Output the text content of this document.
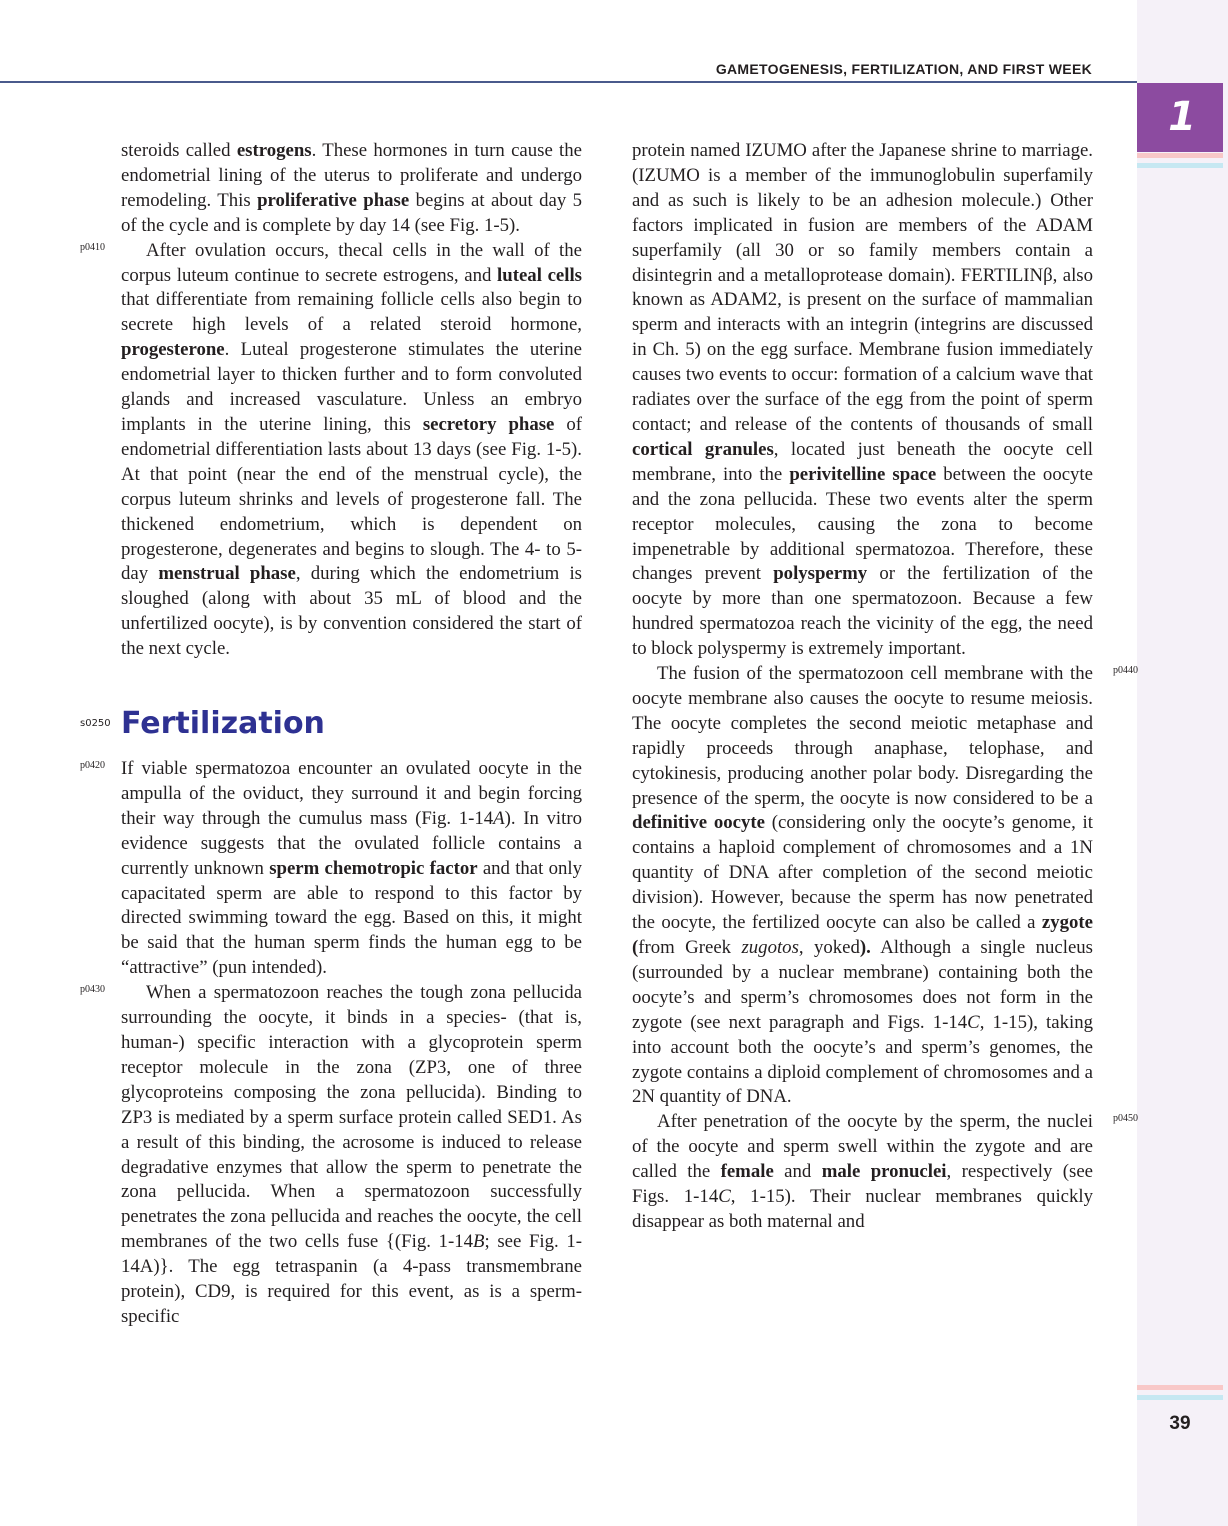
GAMETOGENESIS, FERTILIZATION, AND FIRST WEEK
1
39

steroids called estrogens. These hormones in turn cause the endometrial lining of the uterus to proliferate and undergo remodeling. This proliferative phase begins at about day 5 of the cycle and is complete by day 14 (see Fig. 1-5).

p0410 After ovulation occurs, thecal cells in the wall of the corpus luteum continue to secrete estrogens, and luteal cells that differentiate from remaining follicle cells also begin to secrete high levels of a related steroid hormone, progesterone. Luteal progesterone stimulates the uterine endometrial layer to thicken further and to form convoluted glands and increased vasculature. Unless an embryo implants in the uterine lining, this secretory phase of endometrial differentiation lasts about 13 days (see Fig. 1-5). At that point (near the end of the menstrual cycle), the corpus luteum shrinks and levels of progesterone fall. The thickened endometrium, which is dependent on progesterone, degenerates and begins to slough. The 4- to 5-day menstrual phase, during which the endometrium is sloughed (along with about 35 mL of blood and the unfertilized oocyte), is by convention considered the start of the next cycle.

s0250 Fertilization

p0420 If viable spermatozoa encounter an ovulated oocyte in the ampulla of the oviduct, they surround it and begin forcing their way through the cumulus mass (Fig. 1-14A). In vitro evidence suggests that the ovulated follicle contains a currently unknown sperm chemotropic factor and that only capacitated sperm are able to respond to this factor by directed swimming toward the egg. Based on this, it might be said that the human sperm finds the human egg to be “attractive” (pun intended).

p0430 When a spermatozoon reaches the tough zona pellucida surrounding the oocyte, it binds in a species- (that is, human-) specific interaction with a glycoprotein sperm receptor molecule in the zona (ZP3, one of three glycoproteins composing the zona pellucida). Binding to ZP3 is mediated by a sperm surface protein called SED1. As a result of this binding, the acrosome is induced to release degradative enzymes that allow the sperm to penetrate the zona pellucida. When a spermatozoon successfully penetrates the zona pellucida and reaches the oocyte, the cell membranes of the two cells fuse {(Fig. 1-14B; see Fig. 1-14A)}. The egg tetraspanin (a 4-pass transmembrane protein), CD9, is required for this event, as is a sperm-specific

protein named IZUMO after the Japanese shrine to marriage. (IZUMO is a member of the immunoglobulin superfamily and as such is likely to be an adhesion molecule.) Other factors implicated in fusion are members of the ADAM superfamily (all 30 or so family members contain a disintegrin and a metalloprotease domain). FERTILINβ, also known as ADAM2, is present on the surface of mammalian sperm and interacts with an integrin (integrins are discussed in Ch. 5) on the egg surface. Membrane fusion immediately causes two events to occur: formation of a calcium wave that radiates over the surface of the egg from the point of sperm contact; and release of the contents of thousands of small cortical granules, located just beneath the oocyte cell membrane, into the perivitelline space between the oocyte and the zona pellucida. These two events alter the sperm receptor molecules, causing the zona to become impenetrable by additional spermatozoa. Therefore, these changes prevent polyspermy or the fertilization of the oocyte by more than one spermatozoon. Because a few hundred spermatozoa reach the vicinity of the egg, the need to block polyspermy is extremely important.

p0440
The fusion of the spermatozoon cell membrane with the oocyte membrane also causes the oocyte to resume meiosis. The oocyte completes the second meiotic metaphase and rapidly proceeds through anaphase, telophase, and cytokinesis, producing another polar body. Disregarding the presence of the sperm, the oocyte is now considered to be a definitive oocyte (considering only the oocyte’s genome, it contains a haploid complement of chromosomes and a 1N quantity of DNA after completion of the second meiotic division). However, because the sperm has now penetrated the oocyte, the fertilized oocyte can also be called a zygote (from Greek zugotos, yoked). Although a single nucleus (surrounded by a nuclear membrane) containing both the oocyte’s and sperm’s chromosomes does not form in the zygote (see next paragraph and Figs. 1-14C, 1-15), taking into account both the oocyte’s and sperm’s genomes, the zygote contains a diploid complement of chromosomes and a 2N quantity of DNA.

p0450
After penetration of the oocyte by the sperm, the nuclei of the oocyte and sperm swell within the zygote and are called the female and male pronuclei, respectively (see Figs. 1-14C, 1-15). Their nuclear membranes quickly disappear as both maternal and
